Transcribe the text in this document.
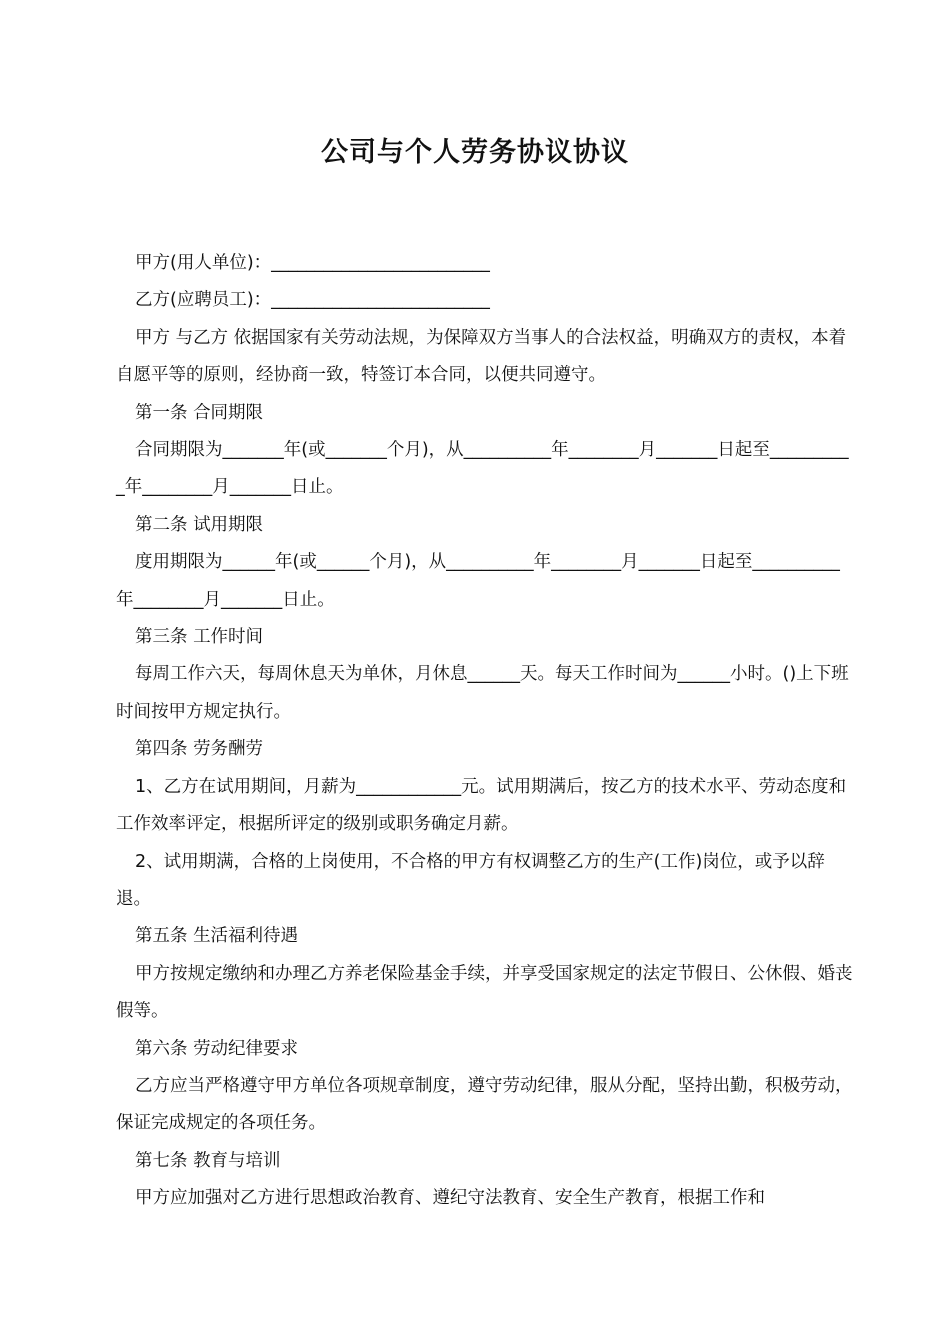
公司与个人劳务协议协议

甲方(用人单位)：_________________________

乙方(应聘员工)：_________________________

甲方 与乙方 依据国家有关劳动法规，为保障双方当事人的合法权益，明确双方的责权，本着自愿平等的原则，经协商一致，特签订本合同，以便共同遵守。

第一条 合同期限

合同期限为_______年(或_______个月)，从__________年________月_______日起至__________年________月_______日止。

第二条 试用期限

度用期限为______年(或______个月)，从__________年________月_______日起至__________年________月_______日止。

第三条 工作时间

每周工作六天，每周休息天为单休，月休息______天。每天工作时间为______小时。()上下班时间按甲方规定执行。

第四条 劳务酬劳

1、乙方在试用期间，月薪为____________元。试用期满后，按乙方的技术水平、劳动态度和工作效率评定，根据所评定的级别或职务确定月薪。

2、试用期满，合格的上岗使用，不合格的甲方有权调整乙方的生产(工作)岗位，或予以辞退。

第五条 生活福利待遇

甲方按规定缴纳和办理乙方养老保险基金手续，并享受国家规定的法定节假日、公休假、婚丧假等。

第六条 劳动纪律要求

乙方应当严格遵守甲方单位各项规章制度，遵守劳动纪律，服从分配，坚持出勤，积极劳动，保证完成规定的各项任务。

第七条 教育与培训

甲方应加强对乙方进行思想政治教育、遵纪守法教育、安全生产教育，根据工作和
